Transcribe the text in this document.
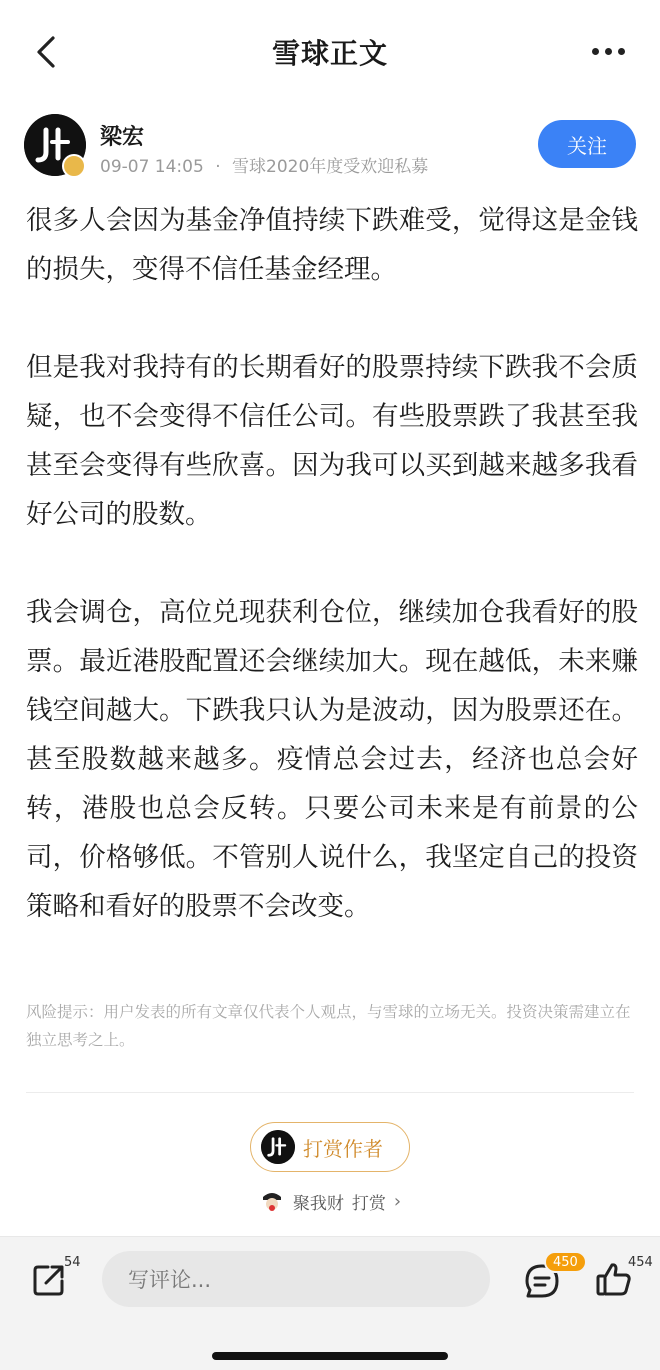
雪球正文
梁宏
09-07 14:05 · 雪球2020年度受欢迎私募
关注

很多人会因为基金净值持续下跌难受，觉得这是金钱的损失，变得不信任基金经理。

但是我对我持有的长期看好的股票持续下跌我不会质疑，也不会变得不信任公司。有些股票跌了我甚至我甚至会变得有些欣喜。因为我可以买到越来越多我看好公司的股数。

我会调仓，高位兑现获利仓位，继续加仓我看好的股票。最近港股配置还会继续加大。现在越低，未来赚钱空间越大。下跌我只认为是波动，因为股票还在。甚至股数越来越多。疫情总会过去，经济也总会好转，港股也总会反转。只要公司未来是有前景的公司，价格够低。不管别人说什么，我坚定自己的投资策略和看好的股票不会改变。

风险提示：用户发表的所有文章仅代表个人观点，与雪球的立场无关。投资决策需建立在独立思考之上。
打赏作者
聚我财 打赏 ›
54
写评论...
450	454
